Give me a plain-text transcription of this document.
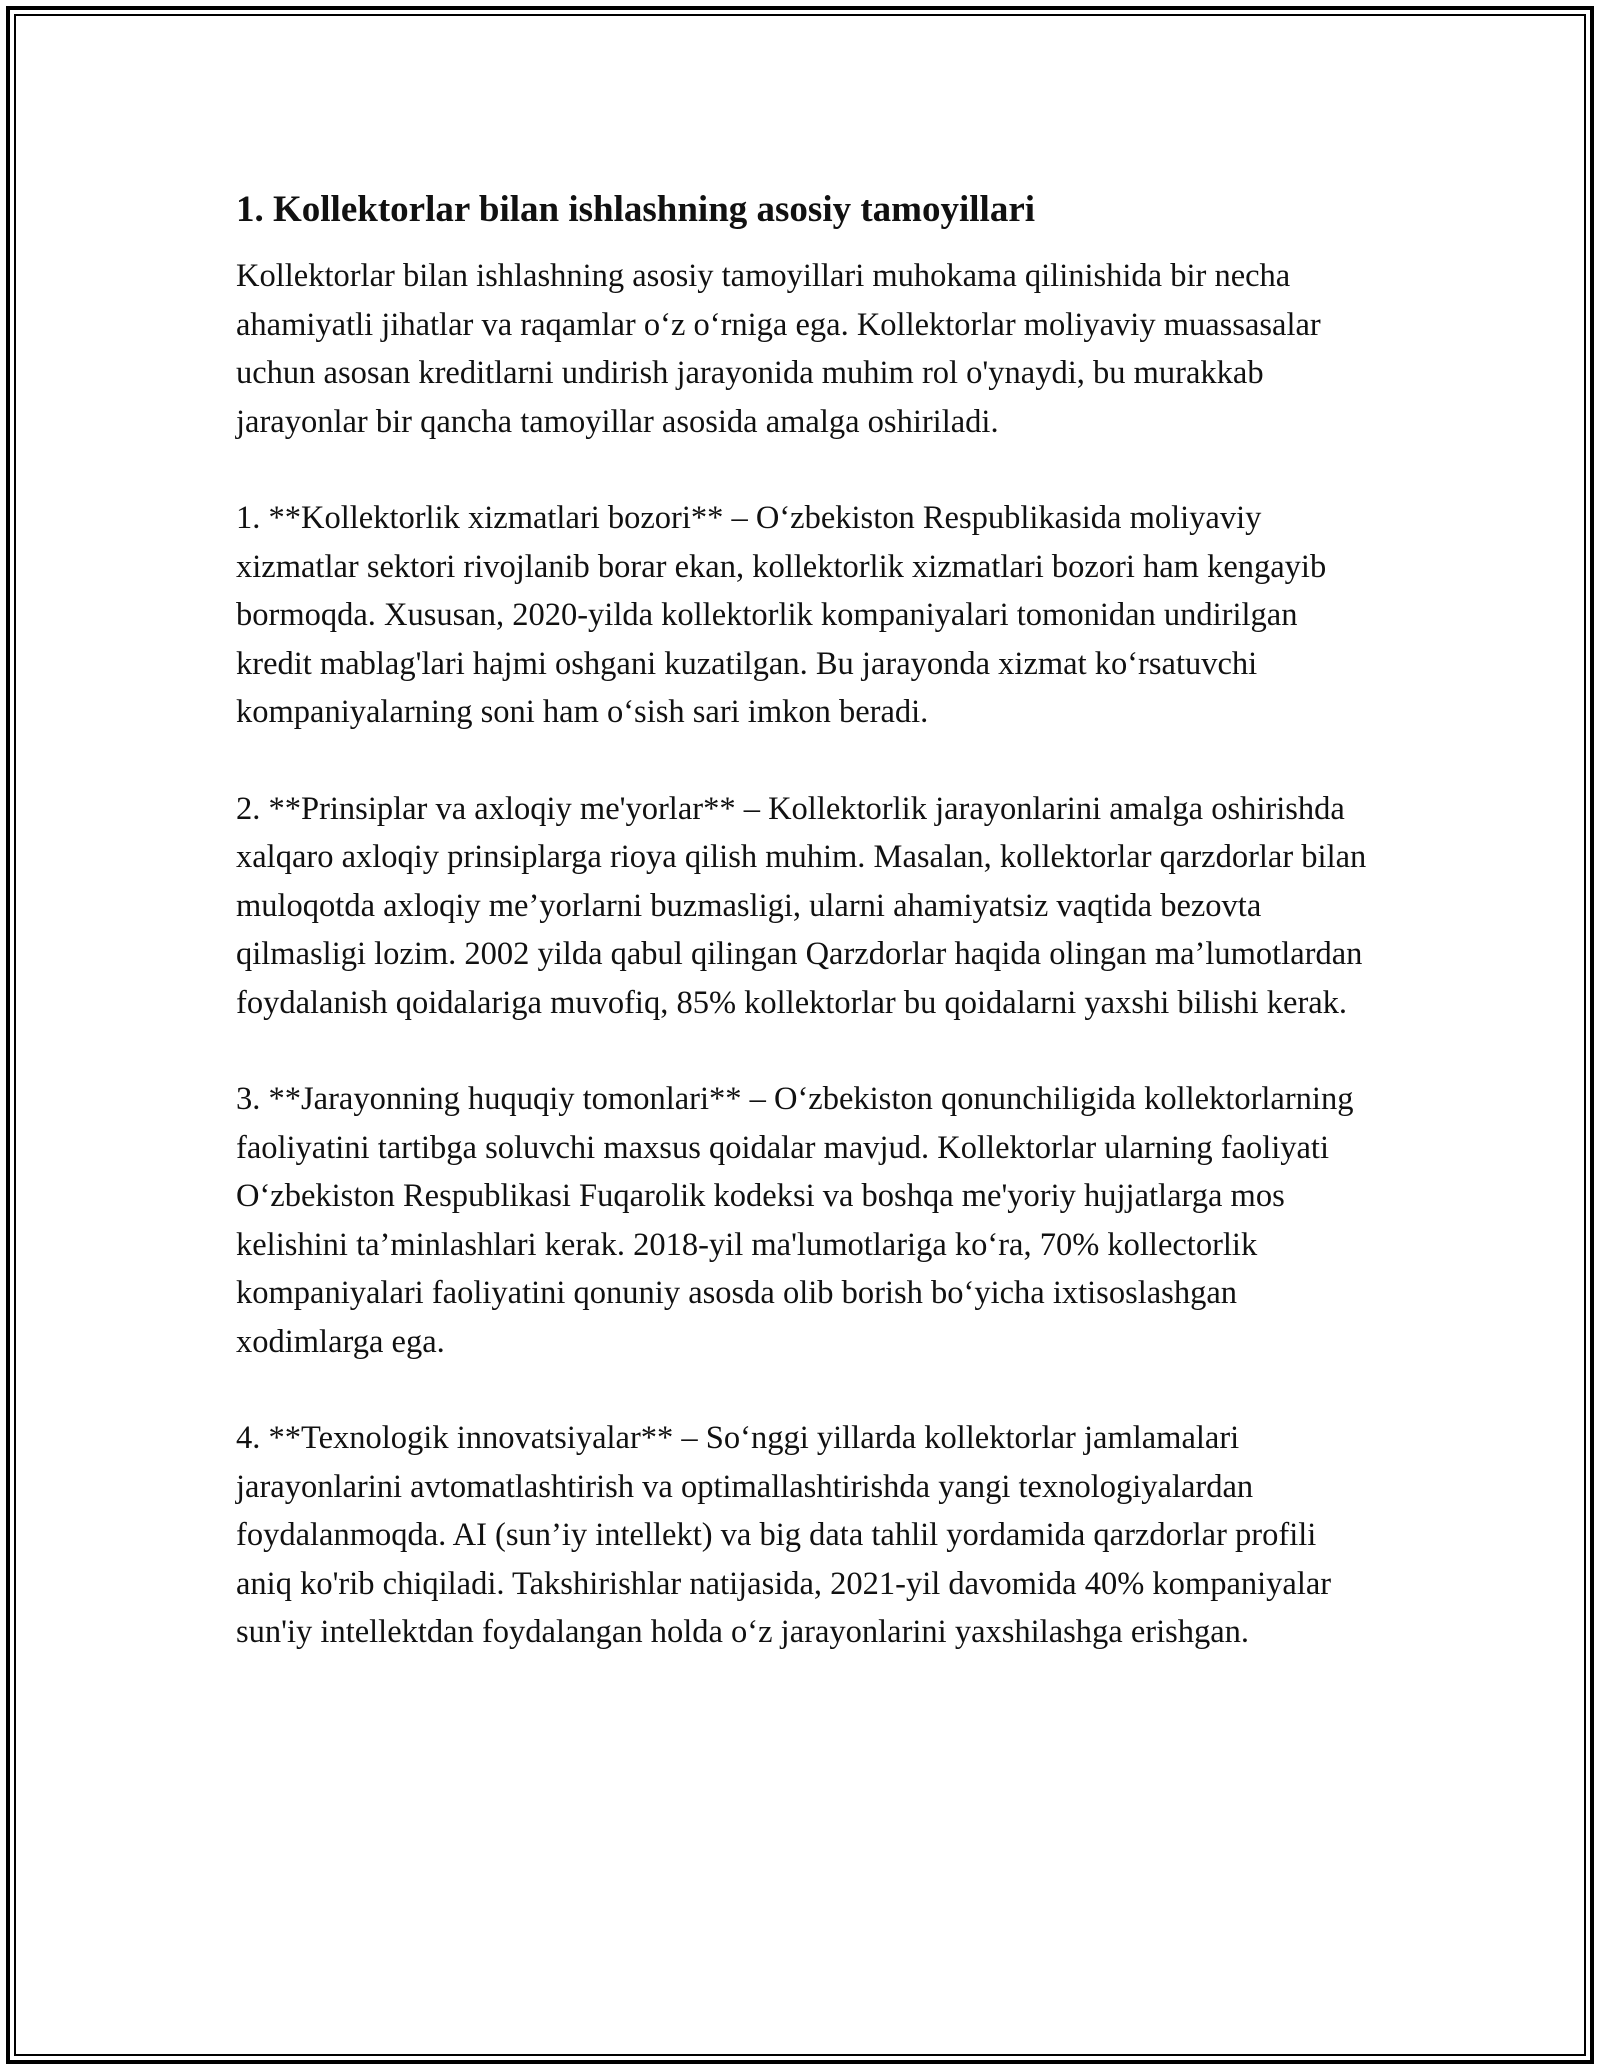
1. Kollektorlar bilan ishlashning asosiy tamoyillari

Kollektorlar bilan ishlashning asosiy tamoyillari muhokama qilinishida bir necha ahamiyatli jihatlar va raqamlar o‘z o‘rniga ega. Kollektorlar moliyaviy muassasalar uchun asosan kreditlarni undirish jarayonida muhim rol o'ynaydi, bu murakkab jarayonlar bir qancha tamoyillar asosida amalga oshiriladi.

1. **Kollektorlik xizmatlari bozori** – O‘zbekiston Respublikasida moliyaviy xizmatlar sektori rivojlanib borar ekan, kollektorlik xizmatlari bozori ham kengayib bormoqda. Xususan, 2020-yilda kollektorlik kompaniyalari tomonidan undirilgan kredit mablag'lari hajmi oshgani kuzatilgan. Bu jarayonda xizmat ko‘rsatuvchi kompaniyalarning soni ham o‘sish sari imkon beradi.

2. **Prinsiplar va axloqiy me'yorlar** – Kollektorlik jarayonlarini amalga oshirishda xalqaro axloqiy prinsiplarga rioya qilish muhim. Masalan, kollektorlar qarzdorlar bilan muloqotda axloqiy me’yorlarni buzmasligi, ularni ahamiyatsiz vaqtida bezovta qilmasligi lozim. 2002 yilda qabul qilingan Qarzdorlar haqida olingan ma’lumotlardan foydalanish qoidalariga muvofiq, 85% kollektorlar bu qoidalarni yaxshi bilishi kerak.

3. **Jarayonning huquqiy tomonlari** – O‘zbekiston qonunchiligida kollektorlarning faoliyatini tartibga soluvchi maxsus qoidalar mavjud. Kollektorlar ularning faoliyati O‘zbekiston Respublikasi Fuqarolik kodeksi va boshqa me'yoriy hujjatlarga mos kelishini ta’minlashlari kerak. 2018-yil ma'lumotlariga ko‘ra, 70% kollectorlik kompaniyalari faoliyatini qonuniy asosda olib borish bo‘yicha ixtisoslashgan xodimlarga ega.

4. **Texnologik innovatsiyalar** – So‘nggi yillarda kollektorlar jamlamalari jarayonlarini avtomatlashtirish va optimallashtirishda yangi texnologiyalardan foydalanmoqda. AI (sun’iy intellekt) va big data tahlil yordamida qarzdorlar profili aniq ko'rib chiqiladi. Takshirishlar natijasida, 2021-yil davomida 40% kompaniyalar sun'iy intellektdan foydalangan holda o‘z jarayonlarini yaxshilashga erishgan.
